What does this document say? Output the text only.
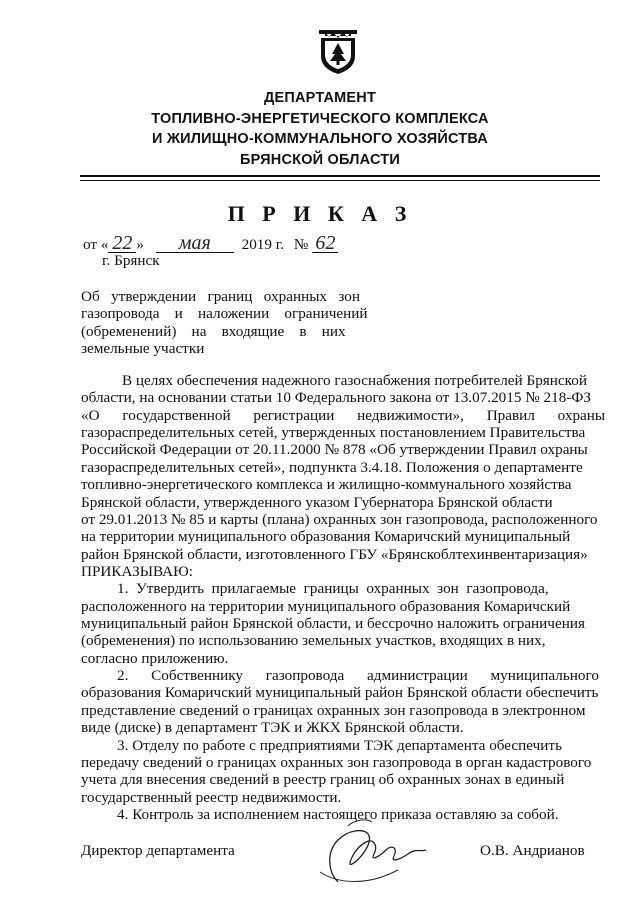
ДЕПАРТАМЕНТ
ТОПЛИВНО-ЭНЕРГЕТИЧЕСКОГО КОМПЛЕКСА
И ЖИЛИЩНО-КОММУНАЛЬНОГО ХОЗЯЙСТВА
БРЯНСКОЙ ОБЛАСТИ
П Р И К А З
от « 22 » мая 2019 г. № 62
г. Брянск
Об   утверждении   границ   охранных   зон
газопровода    и    наложении    ограничений
(обременений)    на    входящие    в    них
земельные участки
В целях обеспечения надежного газоснабжения потребителей Брянской
области, на основании статьи 10 Федерального закона от 13.07.2015 № 218-ФЗ
«О      государственной      регистрации      недвижимости»,      Правил      охраны
газораспределительных сетей, утвержденных постановлением Правительства
Российской Федерации от 20.11.2000 № 878 «Об утверждении Правил охраны
газораспределительных сетей», подпункта 3.4.18. Положения о департаменте
топливно-энергетического комплекса и жилищно-коммунального хозяйства
Брянской области, утвержденного указом Губернатора Брянской области
от 29.01.2013 № 85 и карты (плана) охранных зон газопровода, расположенного
на территории муниципального образования Комаричский муниципальный
район Брянской области, изготовленного ГБУ «Брянскоблтехинвентаризация»
ПРИКАЗЫВАЮ:
1.  Утвердить  прилагаемые  границы  охранных  зон  газопровода,
расположенного на территории муниципального образования Комаричский
муниципальный район Брянской области, и бессрочно наложить ограничения
(обременения) по использованию земельных участков, входящих в них,
согласно приложению.
2.      Собственнику      газопровода      администрации      муниципального
образования Комаричский муниципальный район Брянской области обеспечить
представление сведений о границах охранных зон газопровода в электронном
виде (диске) в департамент ТЭК и ЖКХ Брянской области.
3. Отделу по работе с предприятиями ТЭК департамента обеспечить
передачу сведений о границах охранных зон газопровода в орган кадастрового
учета для внесения сведений в реестр границ об охранных зонах в единый
государственный реестр недвижимости.
4. Контроль за исполнением настоящего приказа оставляю за собой.
Директор департамента	О.В. Андрианов
